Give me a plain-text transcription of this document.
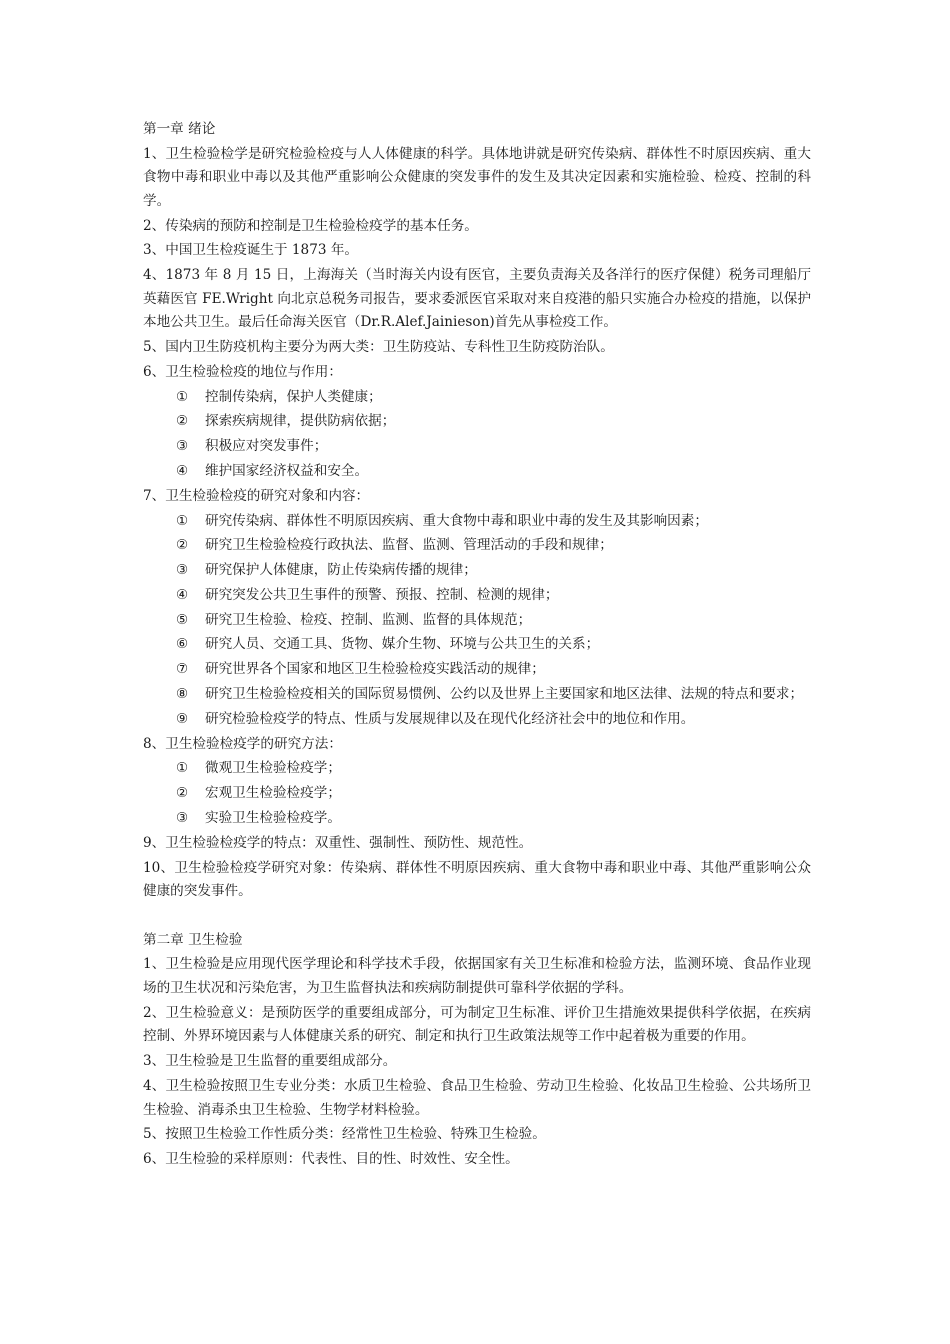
第一章 绪论
1、卫生检验检学是研究检验检疫与人人体健康的科学。具体地讲就是研究传染病、群体性不时原因疾病、重大食物中毒和职业中毒以及其他严重影响公众健康的突发事件的发生及其决定因素和实施检验、检疫、控制的科学。
2、传染病的预防和控制是卫生检验检疫学的基本任务。
3、中国卫生检疫诞生于 1873 年。
4、1873 年 8 月 15 日，上海海关（当时海关内设有医官，主要负责海关及各洋行的医疗保健）税务司理船厅英藉医官 FE.Wright 向北京总税务司报告，要求委派医官采取对来自疫港的船只实施合办检疫的措施，以保护本地公共卫生。最后任命海关医官（Dr.R.Alef.Jainieson)首先从事检疫工作。
5、国内卫生防疫机构主要分为两大类：卫生防疫站、专科性卫生防疫防治队。
6、卫生检验检疫的地位与作用：
①	控制传染病，保护人类健康；
②	探索疾病规律，提供防病依据；
③	积极应对突发事件；
④	维护国家经济权益和安全。
7、卫生检验检疫的研究对象和内容：
①	研究传染病、群体性不明原因疾病、重大食物中毒和职业中毒的发生及其影响因素；
②	研究卫生检验检疫行政执法、监督、监测、管理活动的手段和规律；
③	研究保护人体健康，防止传染病传播的规律；
④	研究突发公共卫生事件的预警、预报、控制、检测的规律；
⑤	研究卫生检验、检疫、控制、监测、监督的具体规范；
⑥	研究人员、交通工具、货物、媒介生物、环境与公共卫生的关系；
⑦	研究世界各个国家和地区卫生检验检疫实践活动的规律；
⑧ 研究卫生检验检疫相关的国际贸易惯例、公约以及世界上主要国家和地区法律、法规的特点和要求；
⑨	研究检验检疫学的特点、性质与发展规律以及在现代化经济社会中的地位和作用。
8、卫生检验检疫学的研究方法：
①	微观卫生检验检疫学；
②	宏观卫生检验检疫学；
③	实验卫生检验检疫学。
9、卫生检验检疫学的特点：双重性、强制性、预防性、规范性。
10、卫生检验检疫学研究对象：传染病、群体性不明原因疾病、重大食物中毒和职业中毒、其他严重影响公众健康的突发事件。
第二章 卫生检验
1、卫生检验是应用现代医学理论和科学技术手段，依据国家有关卫生标准和检验方法，监测环境、食品作业现场的卫生状况和污染危害，为卫生监督执法和疾病防制提供可靠科学依据的学科。
2、卫生检验意义：是预防医学的重要组成部分，可为制定卫生标准、评价卫生措施效果提供科学依据，在疾病控制、外界环境因素与人体健康关系的研究、制定和执行卫生政策法规等工作中起着极为重要的作用。
3、卫生检验是卫生监督的重要组成部分。
4、卫生检验按照卫生专业分类：水质卫生检验、食品卫生检验、劳动卫生检验、化妆品卫生检验、公共场所卫生检验、消毒杀虫卫生检验、生物学材料检验。
5、按照卫生检验工作性质分类：经常性卫生检验、特殊卫生检验。
6、卫生检验的采样原则：代表性、目的性、时效性、安全性。
